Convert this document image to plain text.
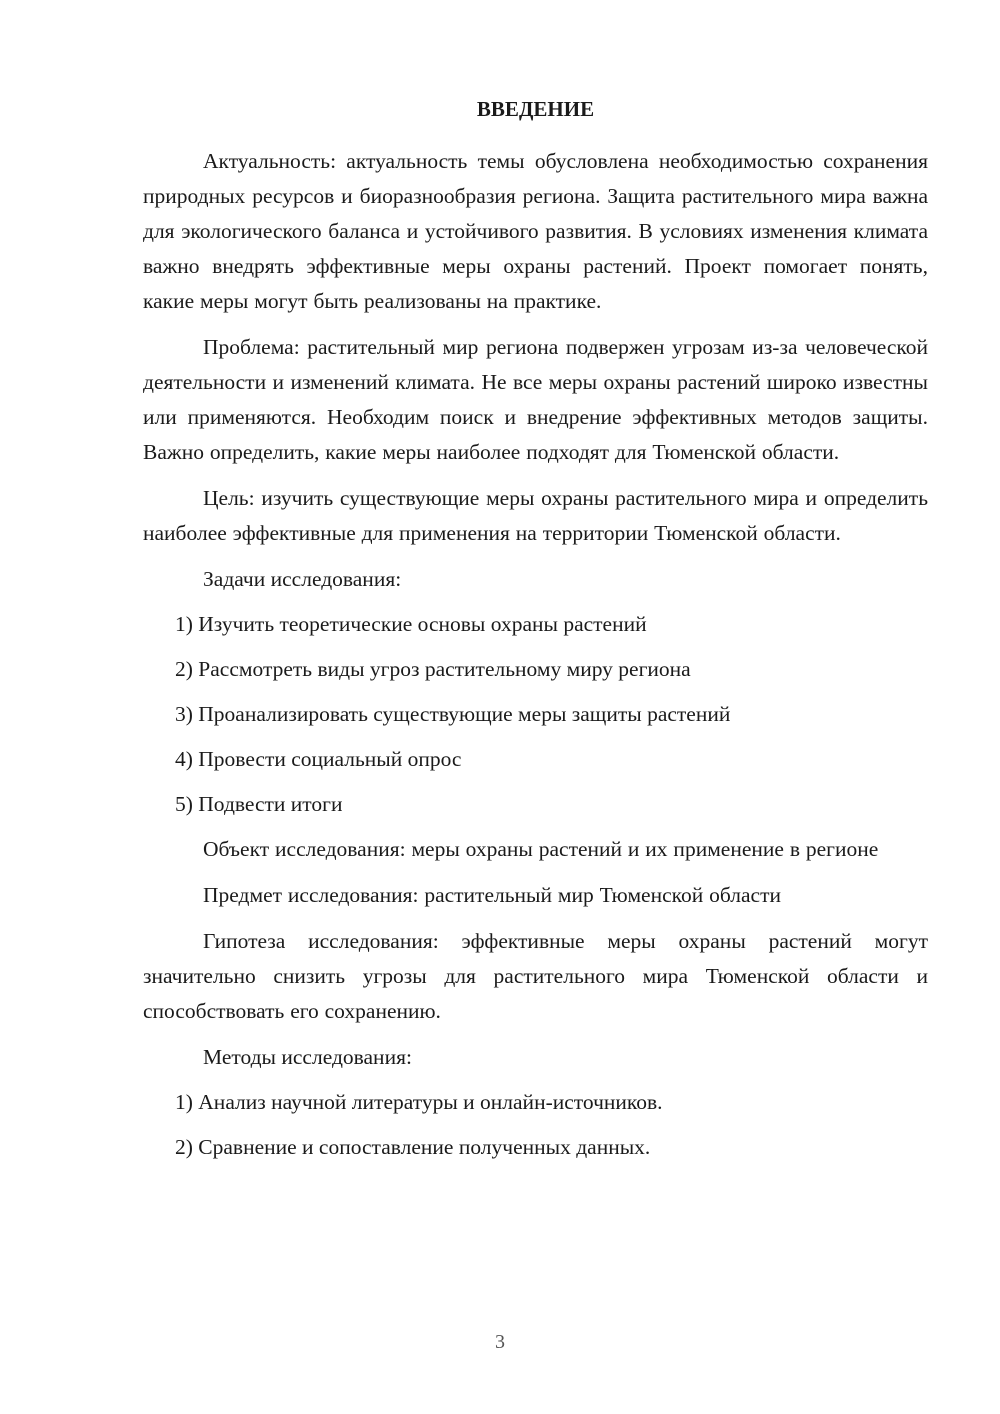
ВВЕДЕНИЕ

Актуальность: актуальность темы обусловлена необходимостью сохранения природных ресурсов и биоразнообразия региона. Защита растительного мира важна для экологического баланса и устойчивого развития. В условиях изменения климата важно внедрять эффективные меры охраны растений. Проект помогает понять, какие меры могут быть реализованы на практике.

Проблема: растительный мир региона подвержен угрозам из-за человеческой деятельности и изменений климата. Не все меры охраны растений широко известны или применяются. Необходим поиск и внедрение эффективных методов защиты. Важно определить, какие меры наиболее подходят для Тюменской области.

Цель: изучить существующие меры охраны растительного мира и определить наиболее эффективные для применения на территории Тюменской области.

Задачи исследования:
1) Изучить теоретические основы охраны растений
2) Рассмотреть виды угроз растительному миру региона
3) Проанализировать существующие меры защиты растений
4) Провести социальный опрос
5) Подвести итоги

Объект исследования: меры охраны растений и их применение в регионе

Предмет исследования: растительный мир Тюменской области

Гипотеза исследования: эффективные меры охраны растений могут значительно снизить угрозы для растительного мира Тюменской области и способствовать его сохранению.

Методы исследования:
1) Анализ научной литературы и онлайн-источников.
2) Сравнение и сопоставление полученных данных.
3
